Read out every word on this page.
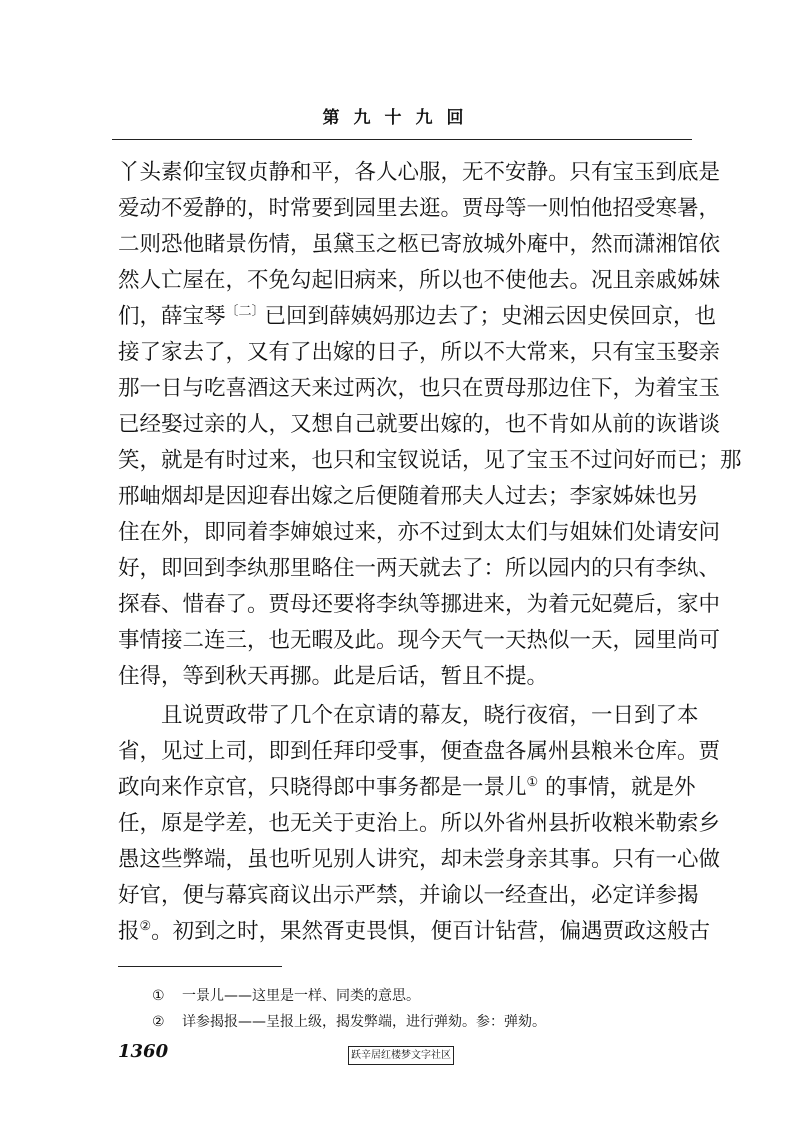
第九十九回
丫头素仰宝钗贞静和平，各人心服，无不安静。只有宝玉到底是
爱动不爱静的，时常要到园里去逛。贾母等一则怕他招受寒暑，
二则恐他睹景伤情，虽黛玉之柩已寄放城外庵中，然而潇湘馆依
然人亡屋在，不免勾起旧病来，所以也不使他去。况且亲戚姊妹
们，薛宝琴$^{〔二〕}$已回到薛姨妈那边去了；史湘云因史侯回京，也
接了家去了，又有了出嫁的日子，所以不大常来，只有宝玉娶亲
那一日与吃喜酒这天来过两次，也只在贾母那边住下，为着宝玉
已经娶过亲的人，又想自己就要出嫁的，也不肯如从前的诙谐谈
笑，就是有时过来，也只和宝钗说话，见了宝玉不过问好而已；那
邢岫烟却是因迎春出嫁之后便随着邢夫人过去；李家姊妹也另
住在外，即同着李婶娘过来，亦不过到太太们与姐妹们处请安问
好，即回到李纨那里略住一两天就去了：所以园内的只有李纨、
探春、惜春了。贾母还要将李纨等挪进来，为着元妃薨后，家中
事情接二连三，也无暇及此。现今天气一天热似一天，园里尚可
住得，等到秋天再挪。此是后话，暂且不提。
且说贾政带了几个在京请的幕友，晓行夜宿，一日到了本
省，见过上司，即到任拜印受事，便查盘各属州县粮米仓库。贾
政向来作京官，只晓得郎中事务都是一景儿① 的事情，就是外
任，原是学差，也无关于吏治上。所以外省州县折收粮米勒索乡
愚这些弊端，虽也听见别人讲究，却未尝身亲其事。只有一心做
好官，便与幕宾商议出示严禁，并谕以一经查出，必定详参揭
报②。初到之时，果然胥吏畏惧，便百计钻营，偏遇贾政这般古
① 一景儿——这里是一样、同类的意思。
② 详参揭报——呈报上级，揭发弊端，进行弹劾。参：弹劾。
1360	跃辛居红楼梦文字社区
